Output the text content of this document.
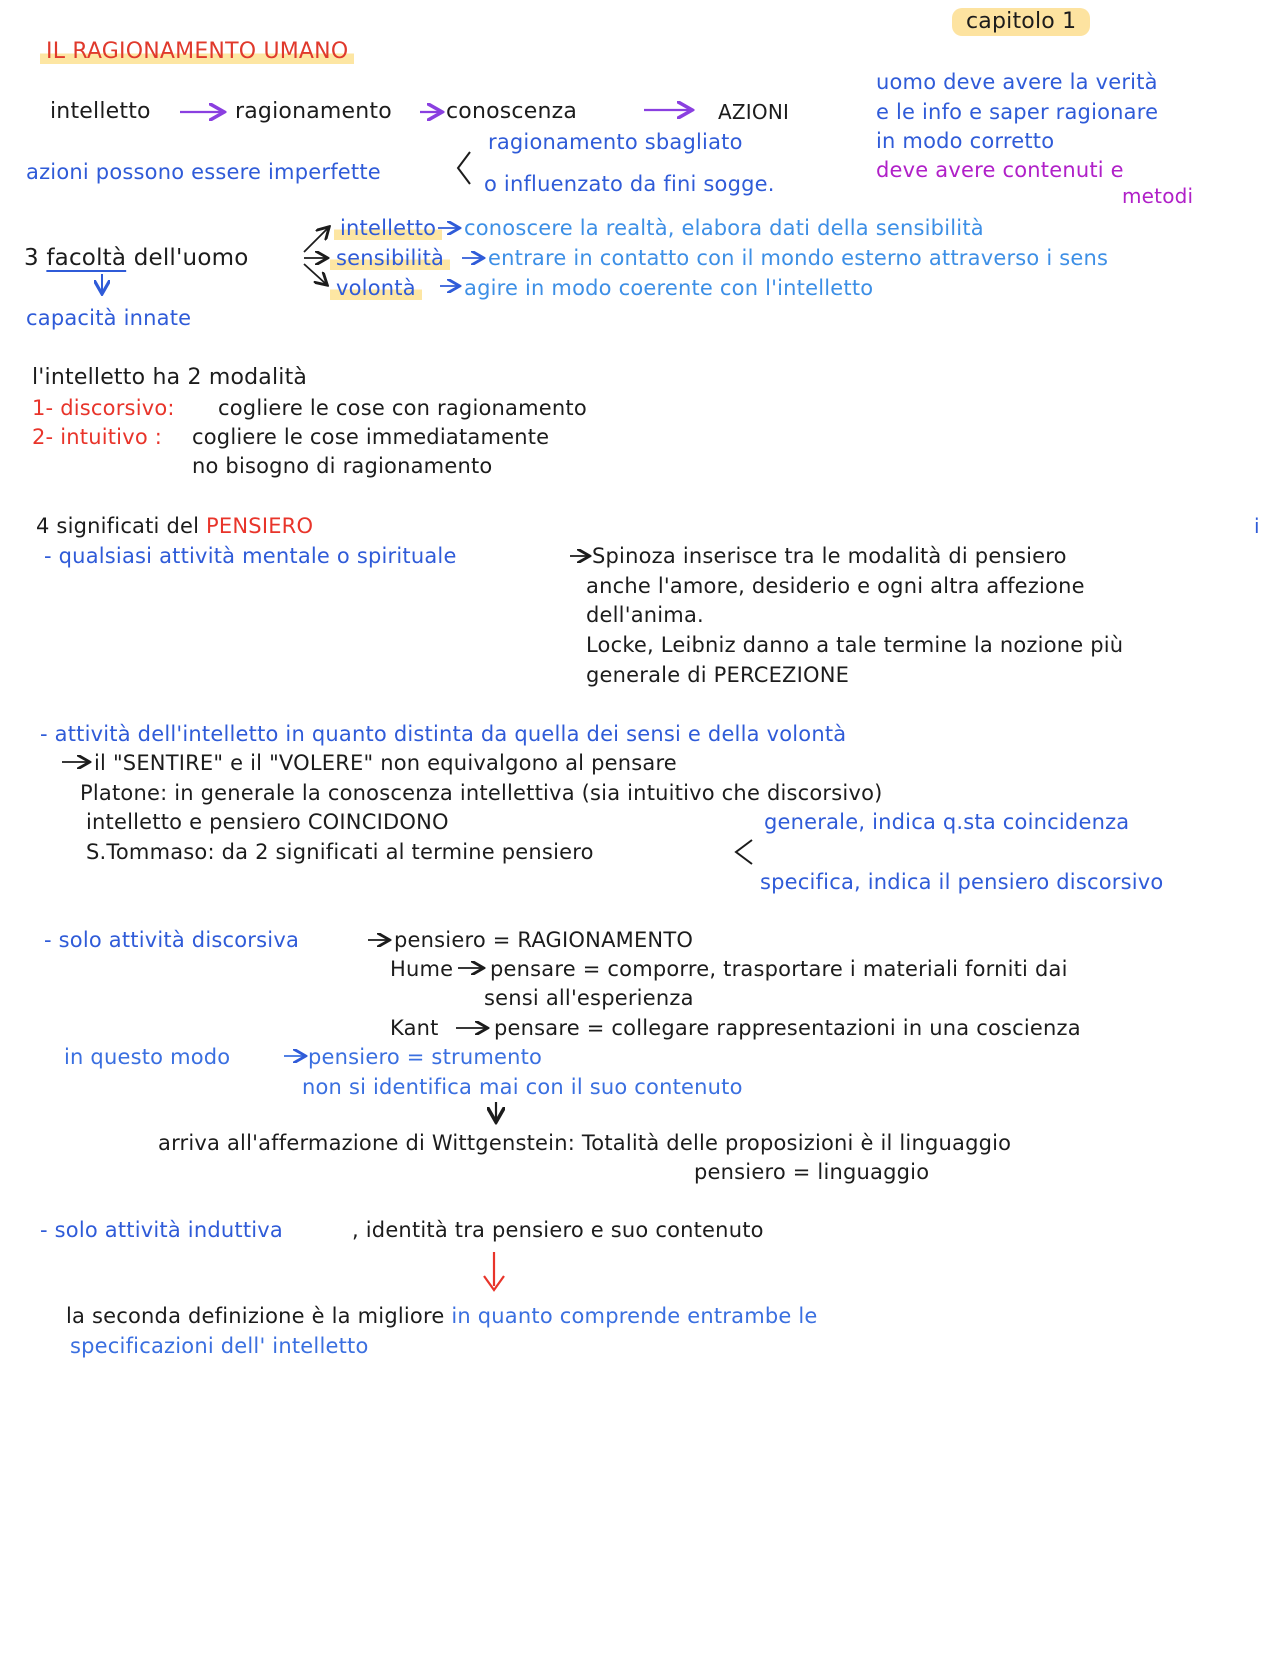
capitolo 1
IL RAGIONAMENTO UMANO
intelletto	ragionamento conoscenza	AZIONI
ragionamento sbagliato
azioni possono essere imperfette	o influenzato da fini sogge.
uomo deve avere la verità
e le info e saper ragionare
in modo corretto
deve avere contenuti e
metodi
3 facoltà dell'uomo
capacità innate
intelletto conoscere la realtà, elabora dati della sensibilità
sensibilità entrare in contatto con il mondo esterno attraverso i sens
volontà agire in modo coerente con l'intelletto
l'intelletto ha 2 modalità
1- discorsivo: cogliere le cose con ragionamento
2- intuitivo : cogliere le cose immediatamente
no bisogno di ragionamento
4 significati del PENSIERO	i
- qualsiasi attività mentale o spirituale	Spinoza inserisce tra le modalità di pensiero
anche l'amore, desiderio e ogni altra affezione
dell'anima.
Locke, Leibniz danno a tale termine la nozione più
generale di PERCEZIONE
- attività dell'intelletto in quanto distinta da quella dei sensi e della volontà
il "SENTIRE" e il "VOLERE" non equivalgono al pensare
Platone: in generale la conoscenza intellettiva (sia intuitivo che discorsivo)
intelletto e pensiero COINCIDONO
S.Tommaso: da 2 significati al termine pensiero
generale, indica q.sta coincidenza
specifica, indica il pensiero discorsivo
- solo attività discorsiva	pensiero = RAGIONAMENTO
Hume pensare = comporre, trasportare i materiali forniti dai
sensi all'esperienza
Kant	pensare = collegare rappresentazioni in una coscienza
in questo modo	pensiero = strumento
non si identifica mai con il suo contenuto
arriva all'affermazione di Wittgenstein: Totalità delle proposizioni è il linguaggio
pensiero = linguaggio
- solo attività induttiva	, identità tra pensiero e suo contenuto
la seconda definizione è la migliore in quanto comprende entrambe le
specificazioni dell' intelletto
